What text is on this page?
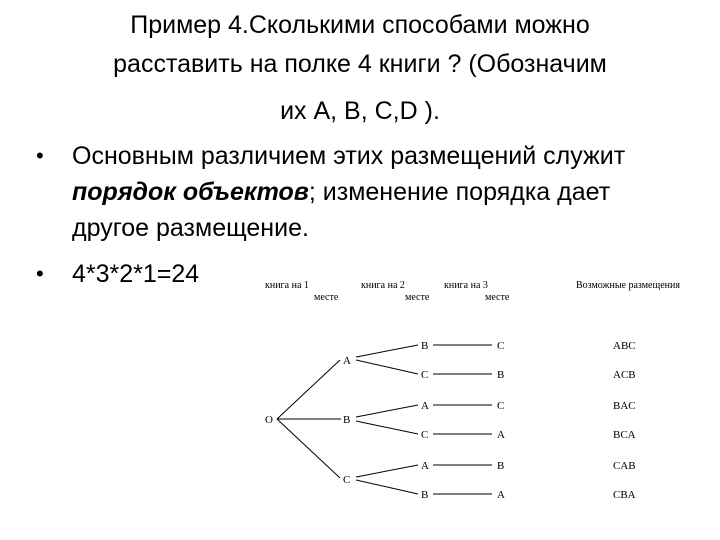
Пример 4.Сколькими способами можно
расставить на полке 4 книги ? (Обозначим
их А, В, С,D ).
• Основным различием этих размещений служит порядок объектов; изменение порядка дает другое размещение.
• 4*3*2*1=24	книга на 1
месте
книга на 2
месте
книга на 3
месте
Возможные размещения
O
A
B
C
B
C
A
C
A
B
C
B
C
A
B
A
ABC
ACB
BAC
BCA
CAB
CBA
